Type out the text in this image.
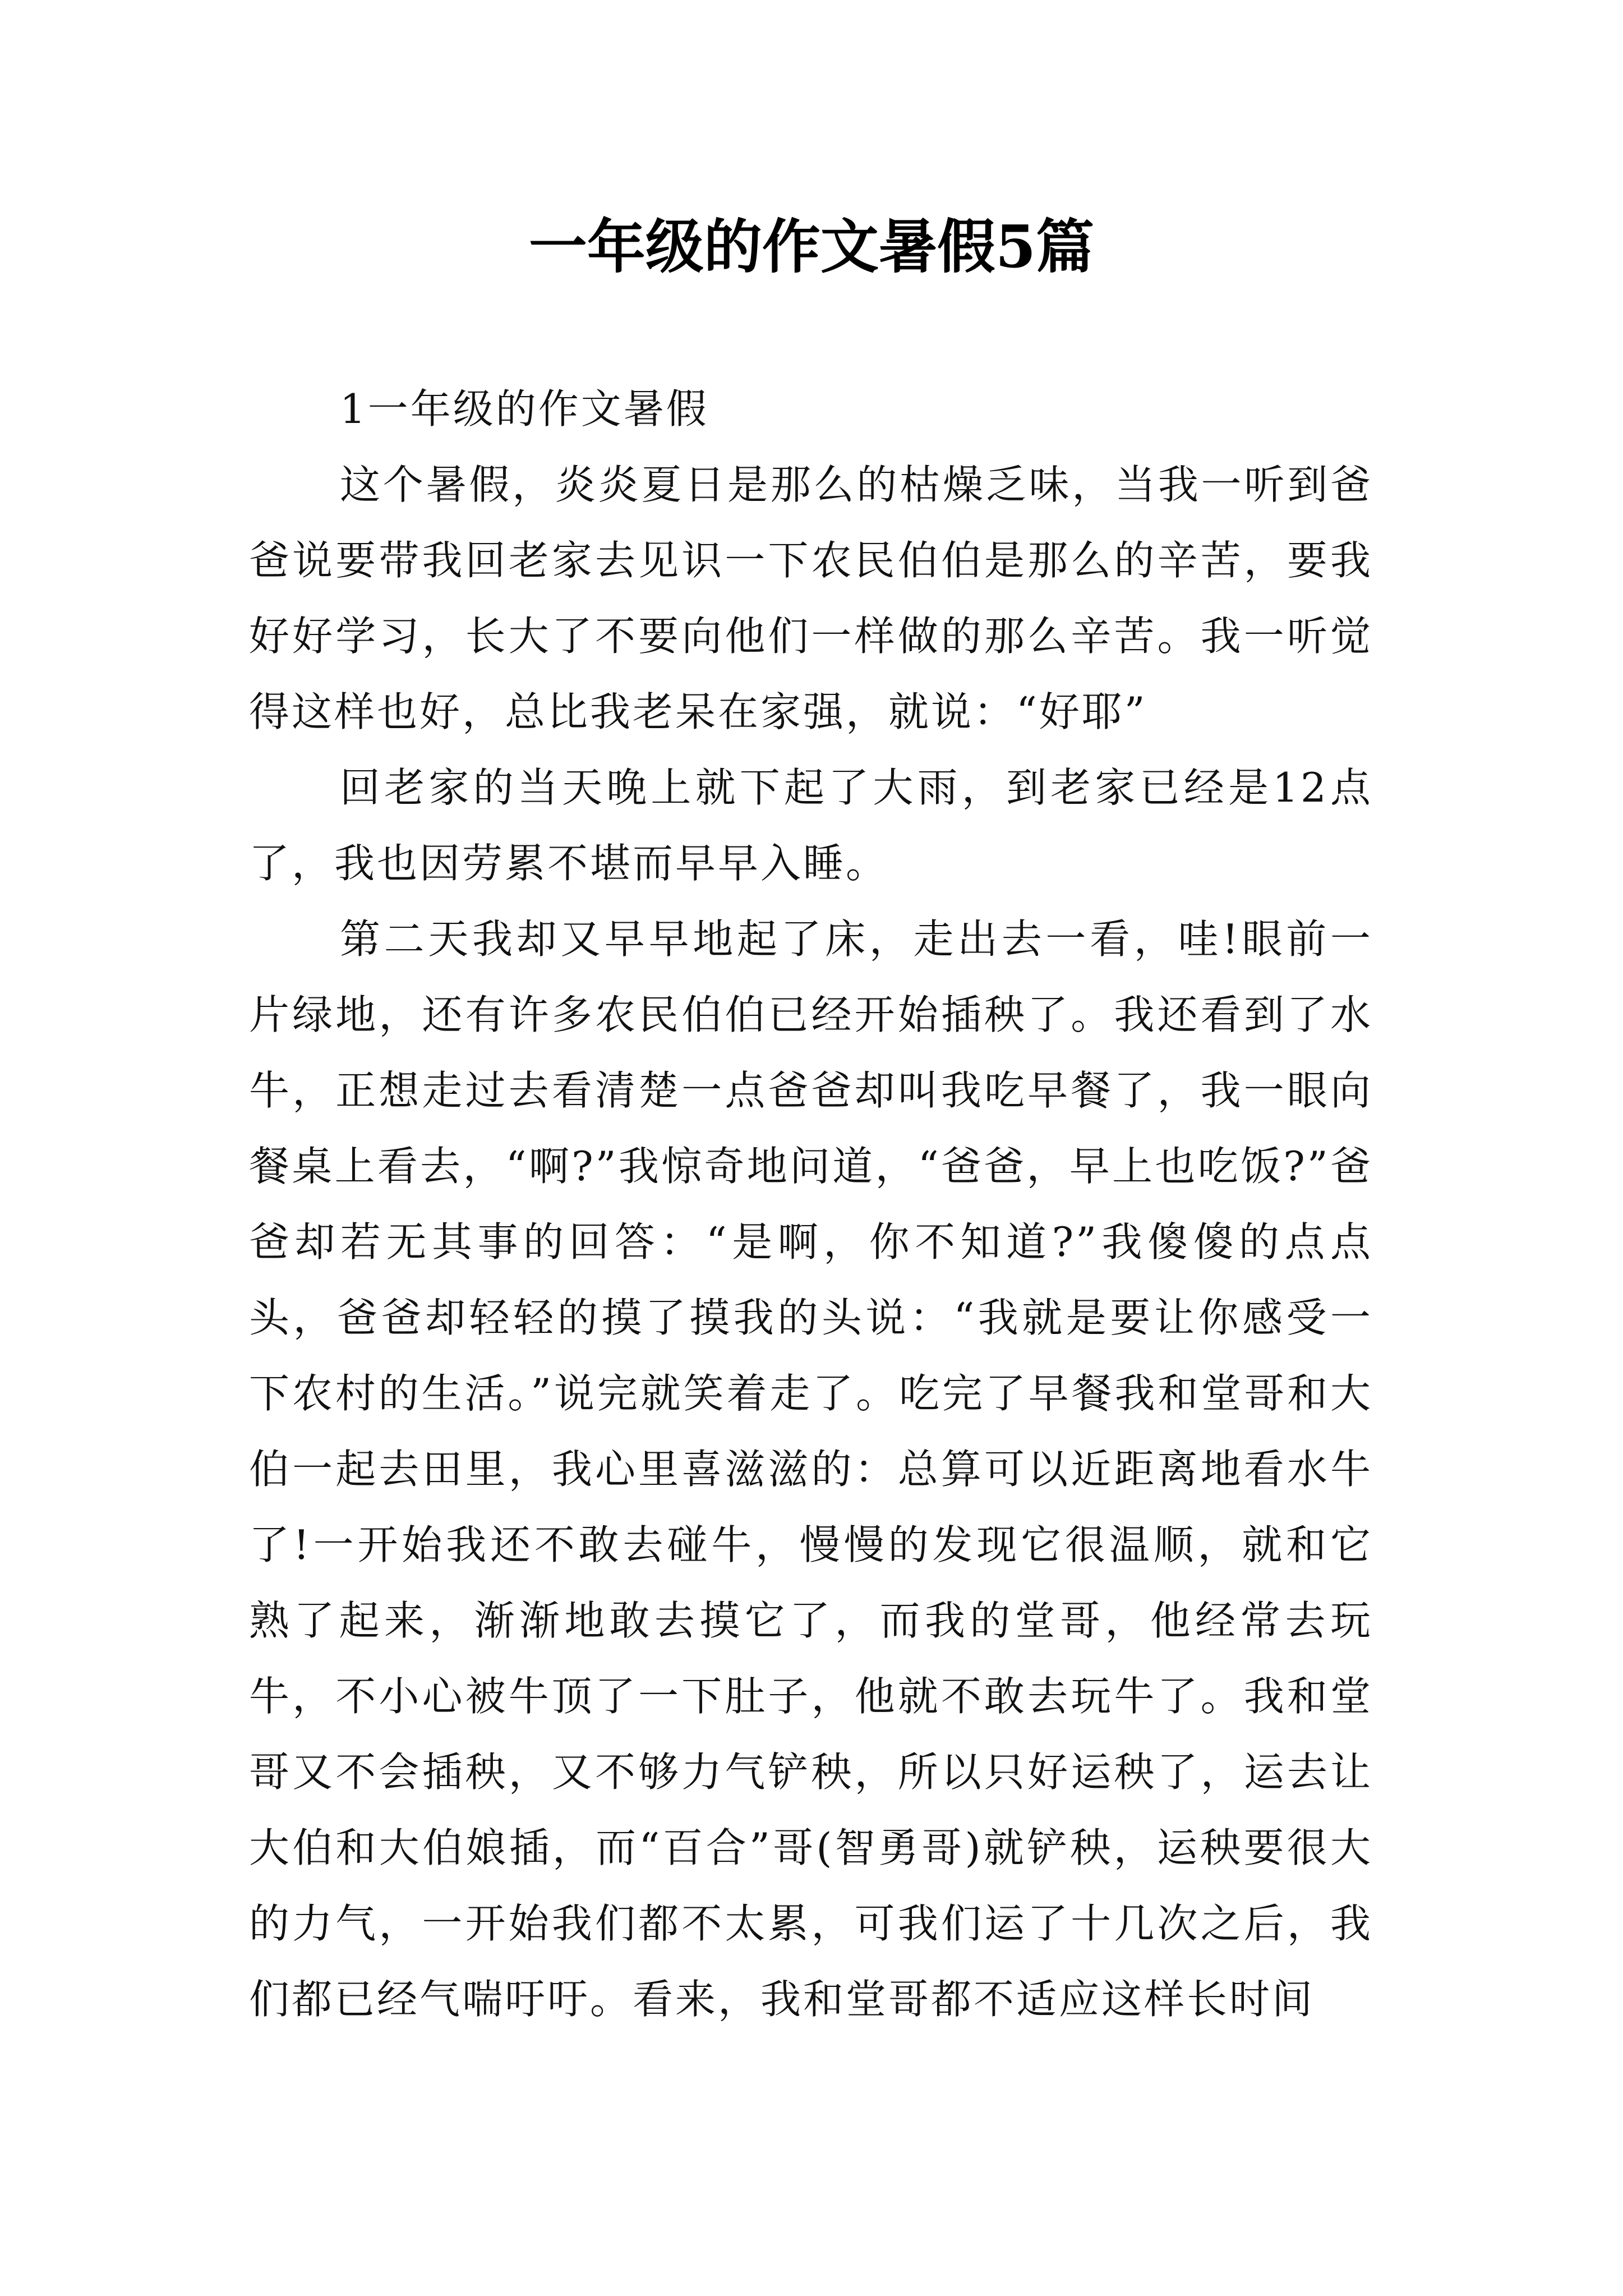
一年级的作文暑假5篇

1一年级的作文暑假

这个暑假，炎炎夏日是那么的枯燥乏味，当我一听到爸爸说要带我回老家去见识一下农民伯伯是那么的辛苦，要我好好学习，长大了不要向他们一样做的那么辛苦。我一听觉得这样也好，总比我老呆在家强，就说：“好耶”

回老家的当天晚上就下起了大雨，到老家已经是12点了，我也因劳累不堪而早早入睡。

第二天我却又早早地起了床，走出去一看，哇!眼前一片绿地，还有许多农民伯伯已经开始插秧了。我还看到了水牛，正想走过去看清楚一点爸爸却叫我吃早餐了，我一眼向餐桌上看去，“啊?”我惊奇地问道，“爸爸，早上也吃饭?”爸爸却若无其事的回答：“是啊，你不知道?”我傻傻的点点头，爸爸却轻轻的摸了摸我的头说：“我就是要让你感受一下农村的生活。”说完就笑着走了。吃完了早餐我和堂哥和大伯一起去田里，我心里喜滋滋的：总算可以近距离地看水牛了!一开始我还不敢去碰牛，慢慢的发现它很温顺，就和它熟了起来，渐渐地敢去摸它了，而我的堂哥，他经常去玩牛，不小心被牛顶了一下肚子，他就不敢去玩牛了。我和堂哥又不会插秧，又不够力气铲秧，所以只好运秧了，运去让大伯和大伯娘插，而“百合”哥(智勇哥)就铲秧，运秧要很大的力气，一开始我们都不太累，可我们运了十几次之后，我们都已经气喘吁吁。看来，我和堂哥都不适应这样长时间
